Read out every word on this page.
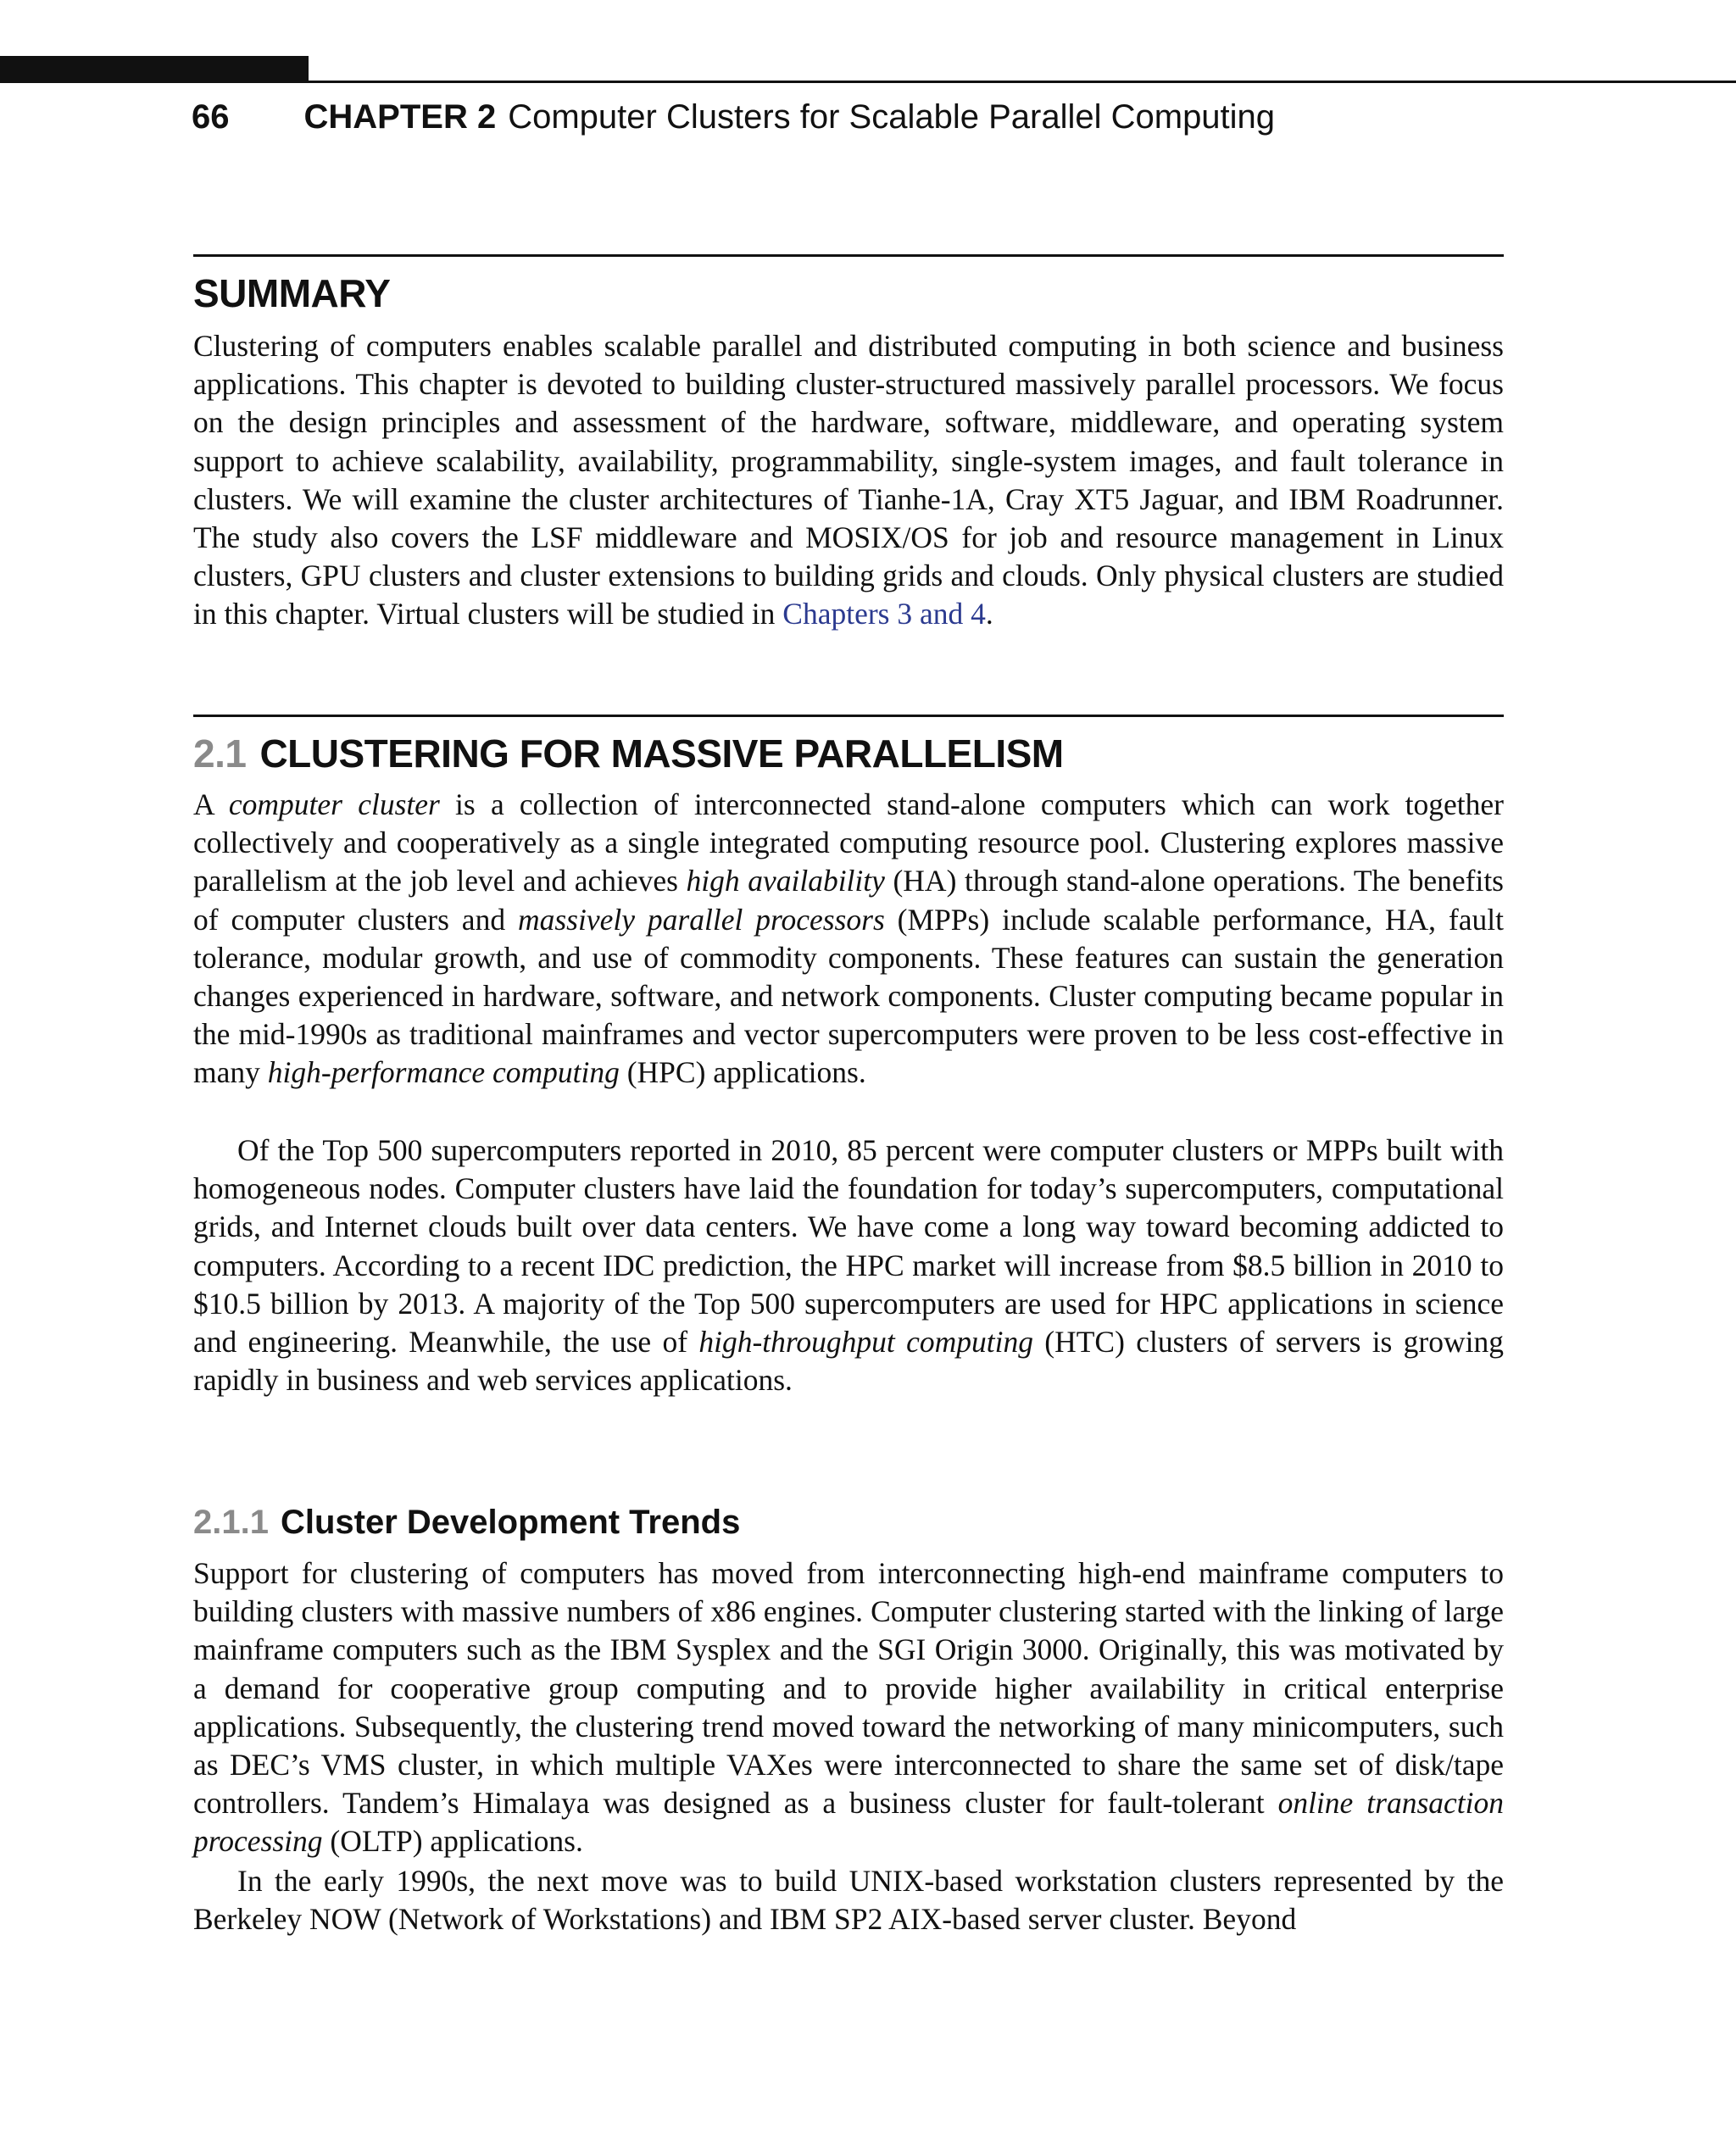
66 CHAPTER 2 Computer Clusters for Scalable Parallel Computing
SUMMARY
Clustering of computers enables scalable parallel and distributed computing in both science and business applications. This chapter is devoted to building cluster-structured massively parallel processors. We focus on the design principles and assessment of the hardware, software, middleware, and operating system support to achieve scalability, availability, programmability, single-system images, and fault tolerance in clusters. We will examine the cluster architectures of Tianhe-1A, Cray XT5 Jaguar, and IBM Roadrunner. The study also covers the LSF middleware and MOSIX/OS for job and resource management in Linux clusters, GPU clusters and cluster extensions to building grids and clouds. Only physical clusters are studied in this chapter. Virtual clusters will be studied in Chapters 3 and 4.
2.1 CLUSTERING FOR MASSIVE PARALLELISM
A computer cluster is a collection of interconnected stand-alone computers which can work together collectively and cooperatively as a single integrated computing resource pool. Clustering explores massive parallelism at the job level and achieves high availability (HA) through stand-alone operations. The benefits of computer clusters and massively parallel processors (MPPs) include scalable performance, HA, fault tolerance, modular growth, and use of commodity components. These features can sustain the generation changes experienced in hardware, software, and network components. Cluster computing became popular in the mid-1990s as traditional mainframes and vector supercomputers were proven to be less cost-effective in many high-performance computing (HPC) applications.
Of the Top 500 supercomputers reported in 2010, 85 percent were computer clusters or MPPs built with homogeneous nodes. Computer clusters have laid the foundation for today’s supercomputers, computational grids, and Internet clouds built over data centers. We have come a long way toward becoming addicted to computers. According to a recent IDC prediction, the HPC market will increase from $8.5 billion in 2010 to $10.5 billion by 2013. A majority of the Top 500 supercomputers are used for HPC applications in science and engineering. Meanwhile, the use of high-throughput computing (HTC) clusters of servers is growing rapidly in business and web services applications.
2.1.1 Cluster Development Trends
Support for clustering of computers has moved from interconnecting high-end mainframe computers to building clusters with massive numbers of x86 engines. Computer clustering started with the linking of large mainframe computers such as the IBM Sysplex and the SGI Origin 3000. Originally, this was motivated by a demand for cooperative group computing and to provide higher availability in critical enterprise applications. Subsequently, the clustering trend moved toward the networking of many minicomputers, such as DEC’s VMS cluster, in which multiple VAXes were interconnected to share the same set of disk/tape controllers. Tandem’s Himalaya was designed as a business cluster for fault-tolerant online transaction processing (OLTP) applications.
In the early 1990s, the next move was to build UNIX-based workstation clusters represented by the Berkeley NOW (Network of Workstations) and IBM SP2 AIX-based server cluster. Beyond
